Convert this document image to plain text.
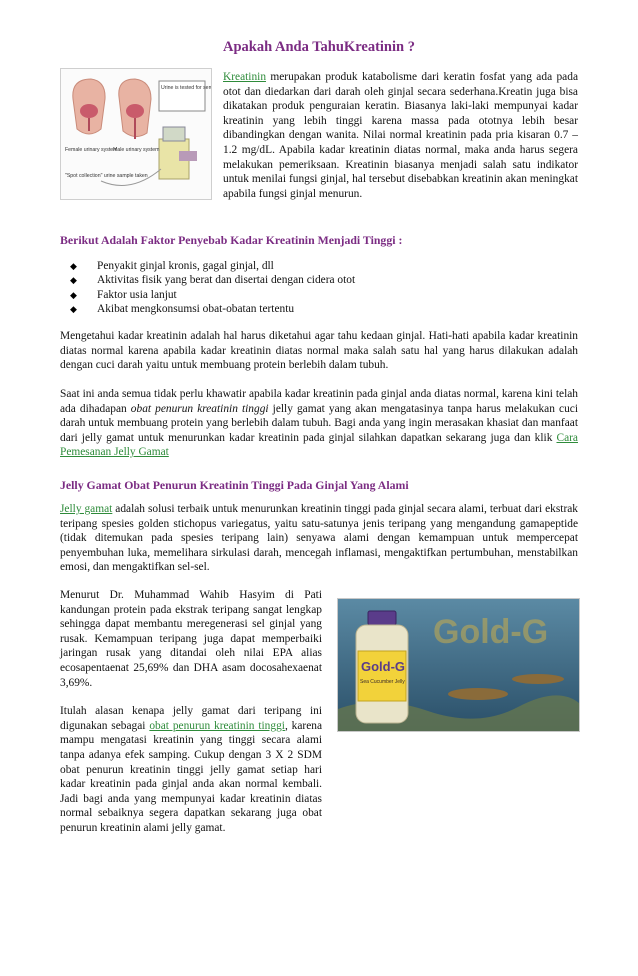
Apakah Anda TahuKreatinin ?
Urine is tested for ser
Female urinary system
Male urinary system
"Spot collection" urine sample taken

Kreatinin merupakan produk katabolisme dari keratin fosfat yang ada pada otot dan diedarkan dari darah oleh ginjal secara sederhana.Kreatin juga bisa dikatakan produk penguraian keratin. Biasanya laki-laki mempunyai kadar kreatinin yang lebih tinggi karena massa pada ototnya lebih besar dibandingkan dengan wanita. Nilai normal kreatinin pada pria kisaran 0.7 – 1.2 mg/dL. Apabila kadar kreatinin diatas normal, maka anda harus segera melakukan pemeriksaan. Kreatinin biasanya menjadi salah satu indikator untuk menilai fungsi ginjal, hal tersebut disebabkan kreatinin akan meningkat apabila fungsi ginjal menurun.

Berikut Adalah Faktor Penyebab Kadar Kreatinin Menjadi Tinggi :
◆ Penyakit ginjal kronis, gagal ginjal, dll
◆ Aktivitas fisik yang berat dan disertai dengan cidera otot
◆ Faktor usia lanjut
◆ Akibat mengkonsumsi obat-obatan tertentu

Mengetahui kadar kreatinin adalah hal harus diketahui agar tahu kedaan ginjal. Hati-hati apabila kadar kreatinin diatas normal karena apabila kadar kreatinin diatas normal maka salah satu hal yang harus dilakukan adalah dengan cuci darah yaitu untuk membuang protein berlebih dalam tubuh.

Saat ini anda semua tidak perlu khawatir apabila kadar kreatinin pada ginjal anda diatas normal, karena kini telah ada dihadapan obat penurun kreatinin tinggi jelly gamat yang akan mengatasinya tanpa harus melakukan cuci darah untuk membuang protein yang berlebih dalam tubuh. Bagi anda yang ingin merasakan khasiat dan manfaat dari jelly gamat untuk menurunkan kadar kreatinin pada ginjal silahkan dapatkan sekarang juga dan klik Cara Pemesanan Jelly Gamat

Jelly Gamat Obat Penurun Kreatinin Tinggi Pada Ginjal Yang Alami

Jelly gamat adalah solusi terbaik untuk menurunkan kreatinin tinggi pada ginjal secara alami, terbuat dari ekstrak teripang spesies golden stichopus variegatus, yaitu satu-satunya jenis teripang yang mengandung gamapeptide (tidak ditemukan pada spesies teripang lain) senyawa alami dengan kemampuan untuk mempercepat penyembuhan luka, memelihara sirkulasi darah, mencegah inflamasi, mengaktifkan pertumbuhan, menstabilkan emosi, dan mengaktifkan sel-sel.

Menurut Dr. Muhammad Wahib Hasyim di Pati kandungan protein pada ekstrak teripang sangat lengkap sehingga dapat membantu meregenerasi sel ginjal yang rusak. Kemampuan teripang juga dapat memperbaiki jaringan rusak yang ditandai oleh nilai EPA alias ecosapentaenat 25,69% dan DHA asam docosahexaenat 3,69%.

Itulah alasan kenapa jelly gamat dari teripang ini digunakan sebagai obat penurun kreatinin tinggi, karena mampu mengatasi kreatinin yang tinggi secara alami tanpa adanya efek samping. Cukup dengan 3 X 2 SDM obat penurun kreatinin tinggi jelly gamat setiap hari kadar kreatinin pada ginjal anda akan normal kembali. Jadi bagi anda yang mempunyai kadar kreatinin diatas normal sebaiknya segera dapatkan sekarang juga obat penurun kreatinin alami jelly gamat.

Gold-G
Gold-G
Sea Cucumber Jelly
